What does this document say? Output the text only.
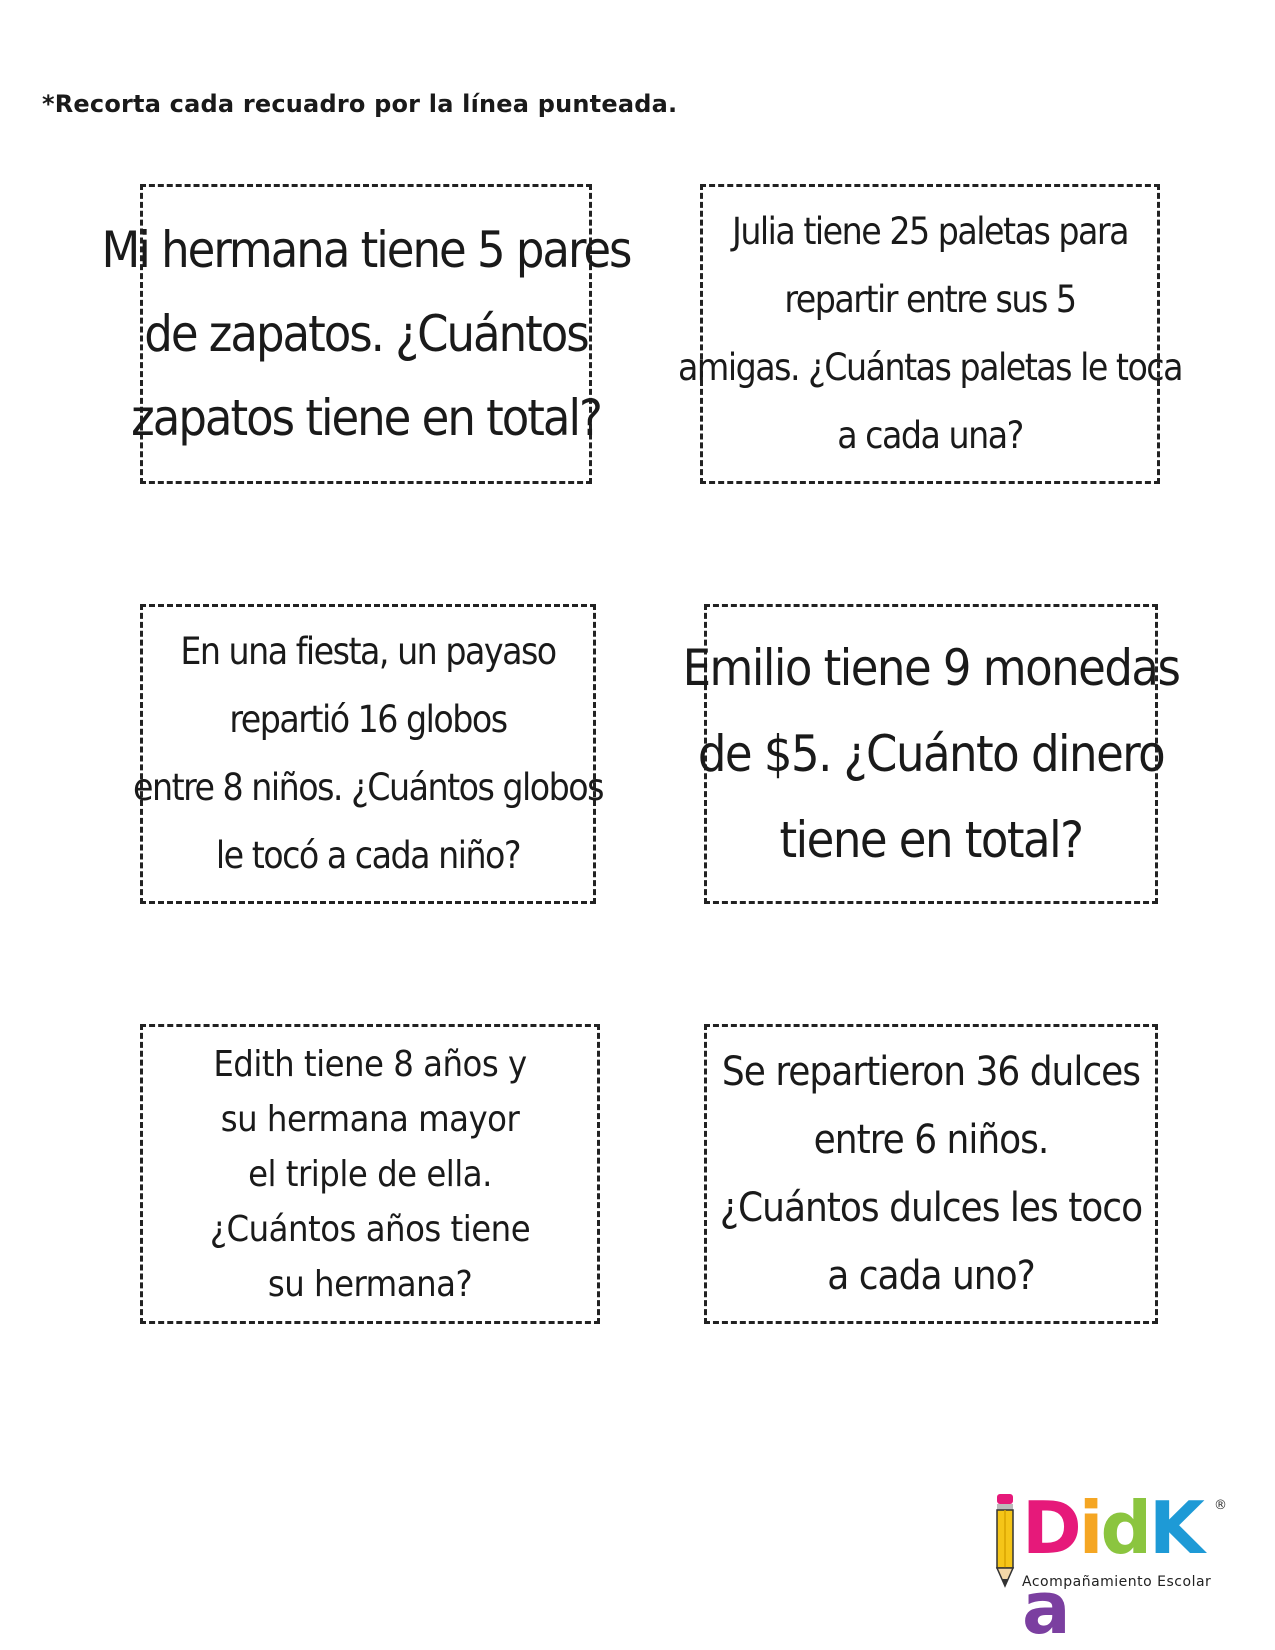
*Recorta cada recuadro por la línea punteada.
Mi hermana tiene 5 pares
de zapatos. ¿Cuántos
zapatos tiene en total?
Julia tiene 25 paletas para
repartir entre sus 5
amigas. ¿Cuántas paletas le toca
a cada una?
En una fiesta, un payaso
repartió 16 globos
entre 8 niños. ¿Cuántos globos
le tocó a cada niño?
Emilio tiene 9 monedas
de $5. ¿Cuánto dinero
tiene en total?
Edith tiene 8 años y
su hermana mayor
el triple de ella.
¿Cuántos años tiene
su hermana?
Se repartieron 36 dulces
entre 6 niños.
¿Cuántos dulces les toco
a cada uno?
DidKa
®
Acompañamiento Escolar
